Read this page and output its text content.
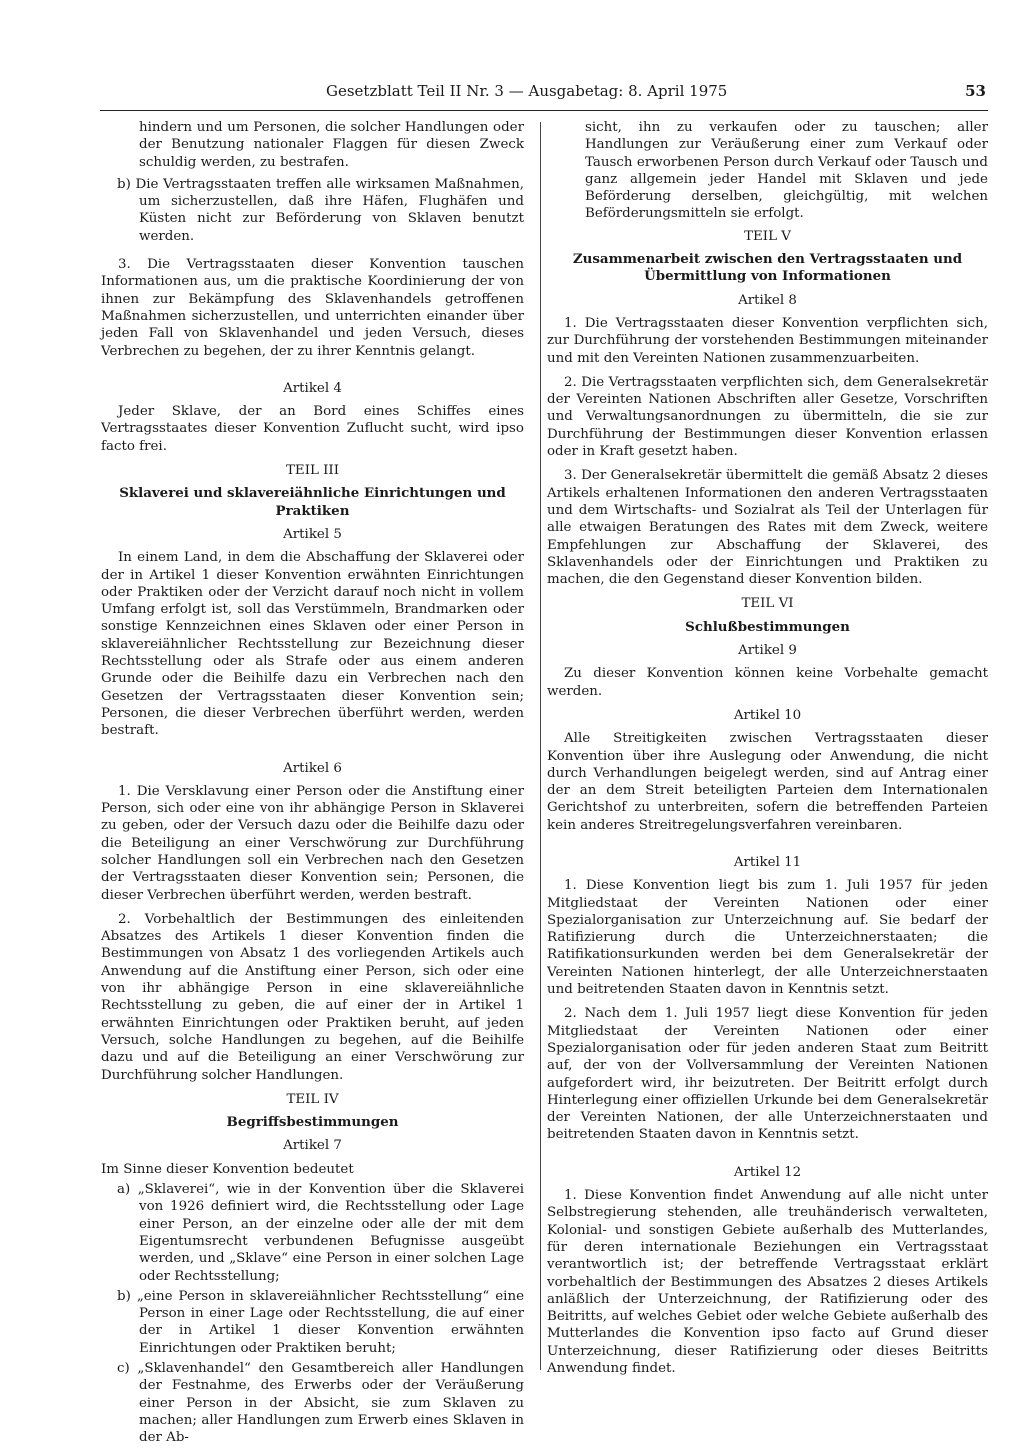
Gesetzblatt Teil II Nr. 3 — Ausgabetag: 8. April 1975	53

hindern und um Personen, die solcher Handlungen oder der Benutzung nationaler Flaggen für diesen Zweck schuldig werden, zu bestrafen.

b) Die Vertragsstaaten treffen alle wirksamen Maßnahmen, um sicherzustellen, daß ihre Häfen, Flughäfen und Küsten nicht zur Beförderung von Sklaven benutzt werden.

3. Die Vertragsstaaten dieser Konvention tauschen Informationen aus, um die praktische Koordinierung der von ihnen zur Bekämpfung des Sklavenhandels getroffenen Maßnahmen sicherzustellen, und unterrichten einander über jeden Fall von Sklavenhandel und jeden Versuch, dieses Verbrechen zu begehen, der zu ihrer Kenntnis gelangt.

Artikel 4

Jeder Sklave, der an Bord eines Schiffes eines Vertragsstaates dieser Konvention Zuflucht sucht, wird ipso facto frei.

TEIL III

Sklaverei und sklavereiähnliche Einrichtungen und Praktiken

Artikel 5

In einem Land, in dem die Abschaffung der Sklaverei oder der in Artikel 1 dieser Konvention erwähnten Einrichtungen oder Praktiken oder der Verzicht darauf noch nicht in vollem Umfang erfolgt ist, soll das Verstümmeln, Brandmarken oder sonstige Kennzeichnen eines Sklaven oder einer Person in sklavereiähnlicher Rechtsstellung zur Bezeichnung dieser Rechtsstellung oder als Strafe oder aus einem anderen Grunde oder die Beihilfe dazu ein Verbrechen nach den Gesetzen der Vertragsstaaten dieser Konvention sein; Personen, die dieser Verbrechen überführt werden, werden bestraft.

Artikel 6

1. Die Versklavung einer Person oder die Anstiftung einer Person, sich oder eine von ihr abhängige Person in Sklaverei zu geben, oder der Versuch dazu oder die Beihilfe dazu oder die Beteiligung an einer Verschwörung zur Durchführung solcher Handlungen soll ein Verbrechen nach den Gesetzen der Vertragsstaaten dieser Konvention sein; Personen, die dieser Verbrechen überführt werden, werden bestraft.

2. Vorbehaltlich der Bestimmungen des einleitenden Absatzes des Artikels 1 dieser Konvention finden die Bestimmungen von Absatz 1 des vorliegenden Artikels auch Anwendung auf die Anstiftung einer Person, sich oder eine von ihr abhängige Person in eine sklavereiähnliche Rechtsstellung zu geben, die auf einer der in Artikel 1 erwähnten Einrichtungen oder Praktiken beruht, auf jeden Versuch, solche Handlungen zu begehen, auf die Beihilfe dazu und auf die Beteiligung an einer Verschwörung zur Durchführung solcher Handlungen.

TEIL IV

Begriffsbestimmungen

Artikel 7

Im Sinne dieser Konvention bedeutet

a) „Sklaverei“, wie in der Konvention über die Sklaverei von 1926 definiert wird, die Rechtsstellung oder Lage einer Person, an der einzelne oder alle der mit dem Eigentumsrecht verbundenen Befugnisse ausgeübt werden, und „Sklave“ eine Person in einer solchen Lage oder Rechtsstellung;

b) „eine Person in sklavereiähnlicher Rechtsstellung“ eine Person in einer Lage oder Rechtsstellung, die auf einer der in Artikel 1 dieser Konvention erwähnten Einrichtungen oder Praktiken beruht;

c) „Sklavenhandel“ den Gesamtbereich aller Handlungen der Festnahme, des Erwerbs oder der Veräußerung einer Person in der Absicht, sie zum Sklaven zu machen; aller Handlungen zum Erwerb eines Sklaven in der Ab-

sicht, ihn zu verkaufen oder zu tauschen; aller Handlungen zur Veräußerung einer zum Verkauf oder Tausch erworbenen Person durch Verkauf oder Tausch und ganz allgemein jeder Handel mit Sklaven und jede Beförderung derselben, gleichgültig, mit welchen Beförderungsmitteln sie erfolgt.

TEIL V

Zusammenarbeit zwischen den Vertragsstaaten und Übermittlung von Informationen

Artikel 8

1. Die Vertragsstaaten dieser Konvention verpflichten sich, zur Durchführung der vorstehenden Bestimmungen miteinander und mit den Vereinten Nationen zusammenzuarbeiten.

2. Die Vertragsstaaten verpflichten sich, dem Generalsekretär der Vereinten Nationen Abschriften aller Gesetze, Vorschriften und Verwaltungsanordnungen zu übermitteln, die sie zur Durchführung der Bestimmungen dieser Konvention erlassen oder in Kraft gesetzt haben.

3. Der Generalsekretär übermittelt die gemäß Absatz 2 dieses Artikels erhaltenen Informationen den anderen Vertragsstaaten und dem Wirtschafts- und Sozialrat als Teil der Unterlagen für alle etwaigen Beratungen des Rates mit dem Zweck, weitere Empfehlungen zur Abschaffung der Sklaverei, des Sklavenhandels oder der Einrichtungen und Praktiken zu machen, die den Gegenstand dieser Konvention bilden.

TEIL VI

Schlußbestimmungen

Artikel 9

Zu dieser Konvention können keine Vorbehalte gemacht werden.

Artikel 10

Alle Streitigkeiten zwischen Vertragsstaaten dieser Konvention über ihre Auslegung oder Anwendung, die nicht durch Verhandlungen beigelegt werden, sind auf Antrag einer der an dem Streit beteiligten Parteien dem Internationalen Gerichtshof zu unterbreiten, sofern die betreffenden Parteien kein anderes Streitregelungsverfahren vereinbaren.

Artikel 11

1. Diese Konvention liegt bis zum 1. Juli 1957 für jeden Mitgliedstaat der Vereinten Nationen oder einer Spezialorganisation zur Unterzeichnung auf. Sie bedarf der Ratifizierung durch die Unterzeichnerstaaten; die Ratifikationsurkunden werden bei dem Generalsekretär der Vereinten Nationen hinterlegt, der alle Unterzeichnerstaaten und beitretenden Staaten davon in Kenntnis setzt.

2. Nach dem 1. Juli 1957 liegt diese Konvention für jeden Mitgliedstaat der Vereinten Nationen oder einer Spezialorganisation oder für jeden anderen Staat zum Beitritt auf, der von der Vollversammlung der Vereinten Nationen aufgefordert wird, ihr beizutreten. Der Beitritt erfolgt durch Hinterlegung einer offiziellen Urkunde bei dem Generalsekretär der Vereinten Nationen, der alle Unterzeichnerstaaten und beitretenden Staaten davon in Kenntnis setzt.

Artikel 12

1. Diese Konvention findet Anwendung auf alle nicht unter Selbstregierung stehenden, alle treuhänderisch verwalteten, Kolonial- und sonstigen Gebiete außerhalb des Mutterlandes, für deren internationale Beziehungen ein Vertragsstaat verantwortlich ist; der betreffende Vertragsstaat erklärt vorbehaltlich der Bestimmungen des Absatzes 2 dieses Artikels anläßlich der Unterzeichnung, der Ratifizierung oder des Beitritts, auf welches Gebiet oder welche Gebiete außerhalb des Mutterlandes die Konvention ipso facto auf Grund dieser Unterzeichnung, dieser Ratifizierung oder dieses Beitritts Anwendung findet.
